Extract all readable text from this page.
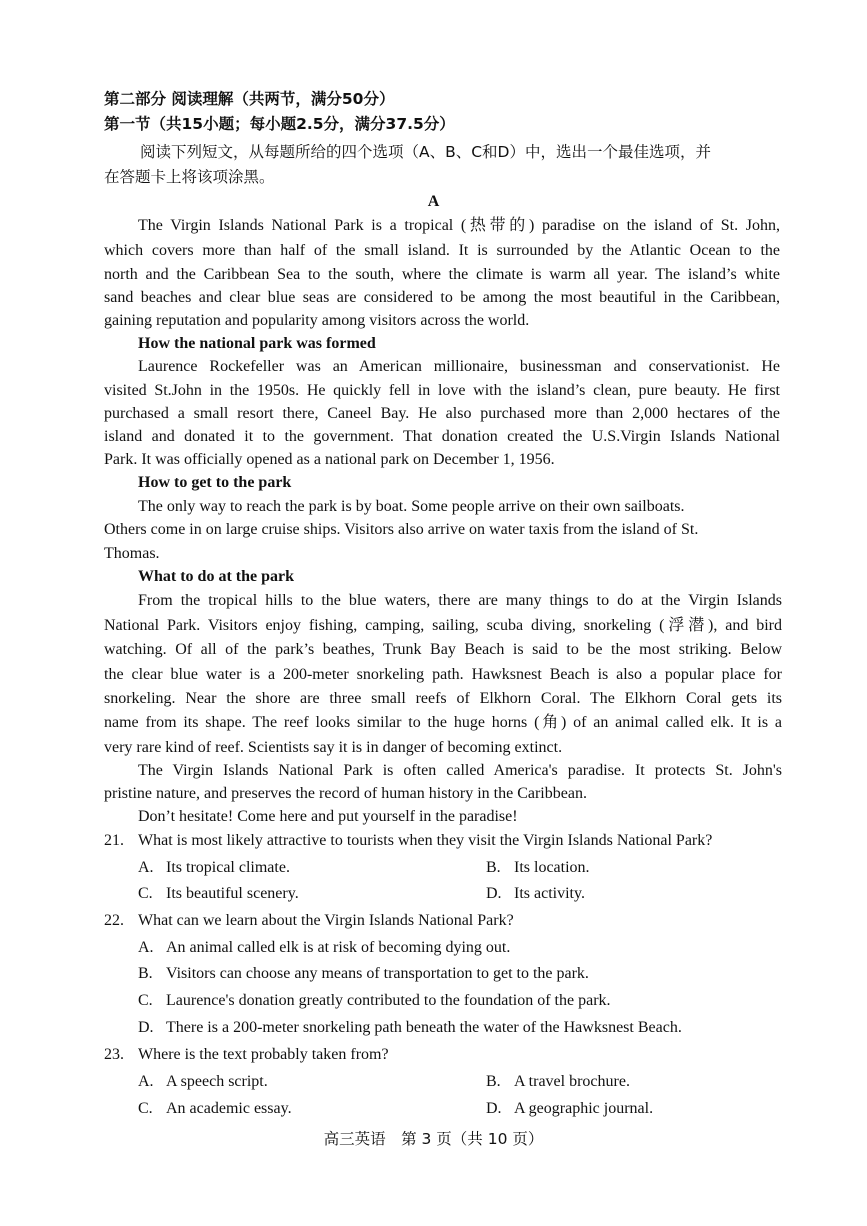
第二部分 阅读理解（共两节，满分50分）
第一节（共15小题；每小题2.5分，满分37.5分）
阅读下列短文，从每题所给的四个选项（A、B、C和D）中，选出一个最佳选项，并
在答题卡上将该项涂黑。
A
The Virgin Islands National Park is a tropical (热带的) paradise on the island of St. John,
which covers more than half of the small island. It is surrounded by the Atlantic Ocean to the
north and the Caribbean Sea to the south, where the climate is warm all year. The island’s white
sand beaches and clear blue seas are considered to be among the most beautiful in the Caribbean,
gaining reputation and popularity among visitors across the world.
How the national park was formed
Laurence Rockefeller was an American millionaire, businessman and conservationist. He
visited St.John in the 1950s. He quickly fell in love with the island’s clean, pure beauty. He first
purchased a small resort there, Caneel Bay. He also purchased more than 2,000 hectares of the
island and donated it to the government. That donation created the U.S.Virgin Islands National
Park. It was officially opened as a national park on December 1, 1956.
How to get to the park
The only way to reach the park is by boat. Some people arrive on their own sailboats.
Others come in on large cruise ships. Visitors also arrive on water taxis from the island of St.
Thomas.
What to do at the park
From the tropical hills to the blue waters, there are many things to do at the Virgin Islands
National Park. Visitors enjoy fishing, camping, sailing, scuba diving, snorkeling (浮潜), and bird
watching. Of all of the park’s beathes, Trunk Bay Beach is said to be the most striking. Below
the clear blue water is a 200-meter snorkeling path. Hawksnest Beach is also a popular place for
snorkeling. Near the shore are three small reefs of Elkhorn Coral. The Elkhorn Coral gets its
name from its shape. The reef looks similar to the huge horns (角) of an animal called elk. It is a
very rare kind of reef. Scientists say it is in danger of becoming extinct.
The Virgin Islands National Park is often called America's paradise. It protects St. John's
pristine nature, and preserves the record of human history in the Caribbean.
Don’t hesitate! Come here and put yourself in the paradise!
21. What is most likely attractive to tourists when they visit the Virgin Islands National Park?
A. Its tropical climate.	B. Its location.
C. Its beautiful scenery.	D. Its activity.
22. What can we learn about the Virgin Islands National Park?
A. An animal called elk is at risk of becoming dying out.
B. Visitors can choose any means of transportation to get to the park.
C. Laurence's donation greatly contributed to the foundation of the park.
D. There is a 200-meter snorkeling path beneath the water of the Hawksnest Beach.
23. Where is the text probably taken from?
A. A speech script.	B. A travel brochure.
C. An academic essay.	D. A geographic journal.
高三英语　第 3 页（共 10 页）
